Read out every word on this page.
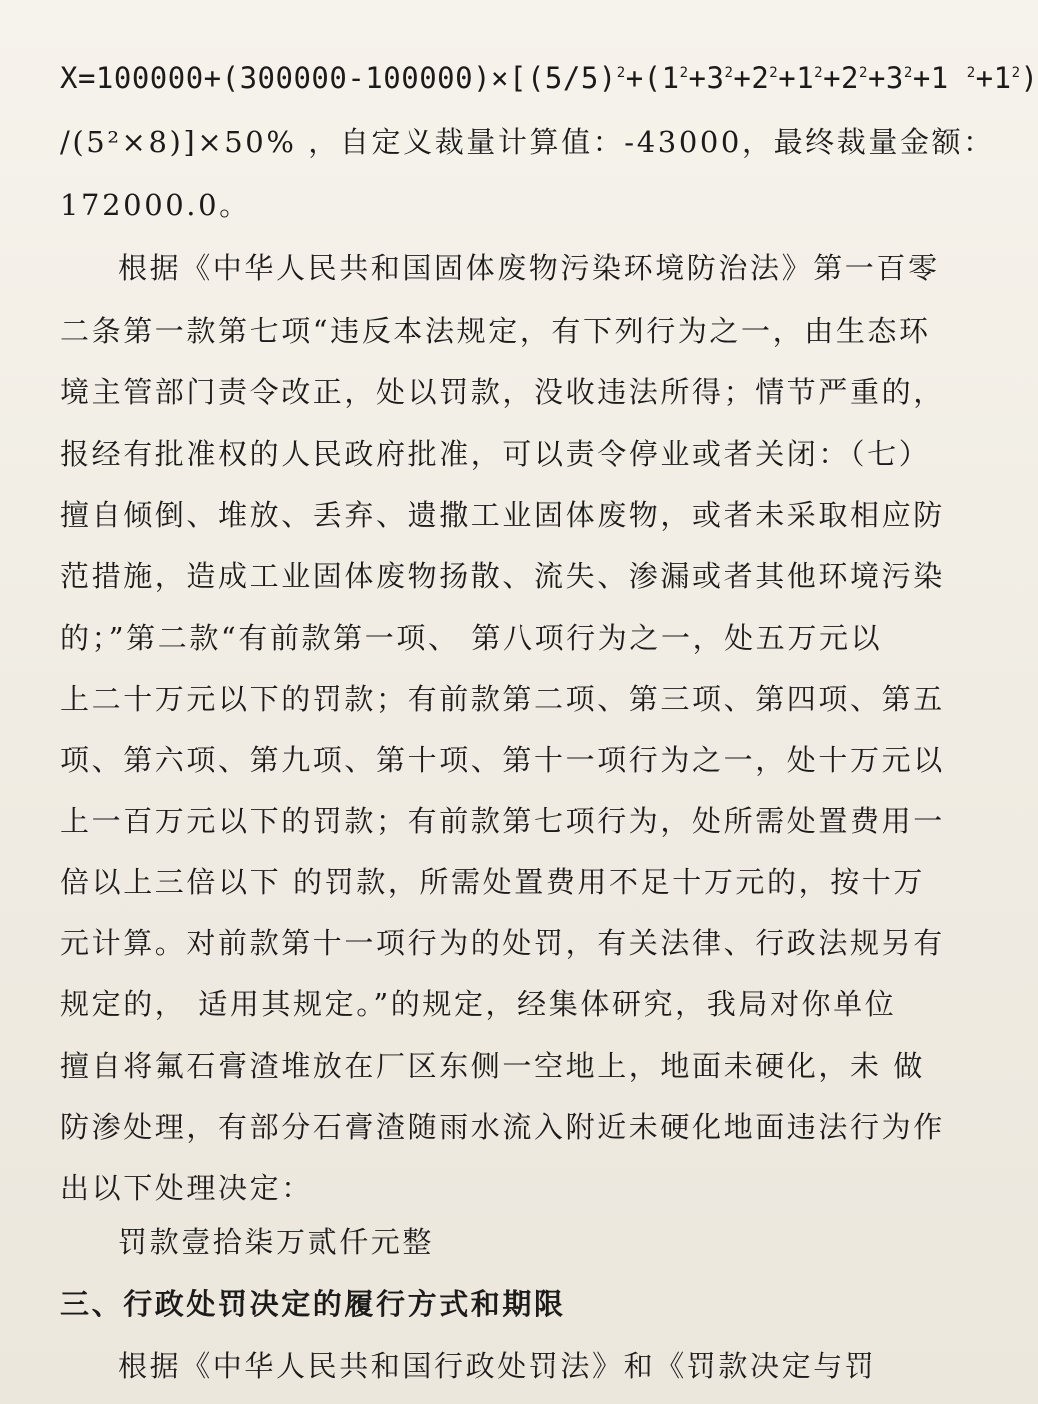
$X=100000+(300000-100000)\times[(5/5)^2+(1^2+3^2+2^2+1^2+2^2+3^2+1$ $^2+1^2$)
/(5²×8)]×50% ，自定义裁量计算值：-43000，最终裁量金额：
172000.0。
根据《中华人民共和国固体废物污染环境防治法》第一百零
二条第一款第七项“违反本法规定，有下列行为之一，由生态环
境主管部门责令改正，处以罚款，没收违法所得；情节严重的，
报经有批准权的人民政府批准，可以责令停业或者关闭：（七）
擅自倾倒、堆放、丢弃、遗撒工业固体废物，或者未采取相应防
范措施，造成工业固体废物扬散、流失、渗漏或者其他环境污染
的；”第二款“有前款第一项、 第八项行为之一，处五万元以
上二十万元以下的罚款；有前款第二项、第三项、第四项、第五
项、第六项、第九项、第十项、第十一项行为之一，处十万元以
上一百万元以下的罚款；有前款第七项行为，处所需处置费用一
倍以上三倍以下 的罚款，所需处置费用不足十万元的，按十万
元计算。对前款第十一项行为的处罚，有关法律、行政法规另有
规定的， 适用其规定。”的规定，经集体研究，我局对你单位
擅自将氟石膏渣堆放在厂区东侧一空地上，地面未硬化，未 做
防渗处理，有部分石膏渣随雨水流入附近未硬化地面违法行为作
出以下处理决定：
罚款壹拾柒万贰仟元整
三、行政处罚决定的履行方式和期限
根据《中华人民共和国行政处罚法》和《罚款决定与罚
